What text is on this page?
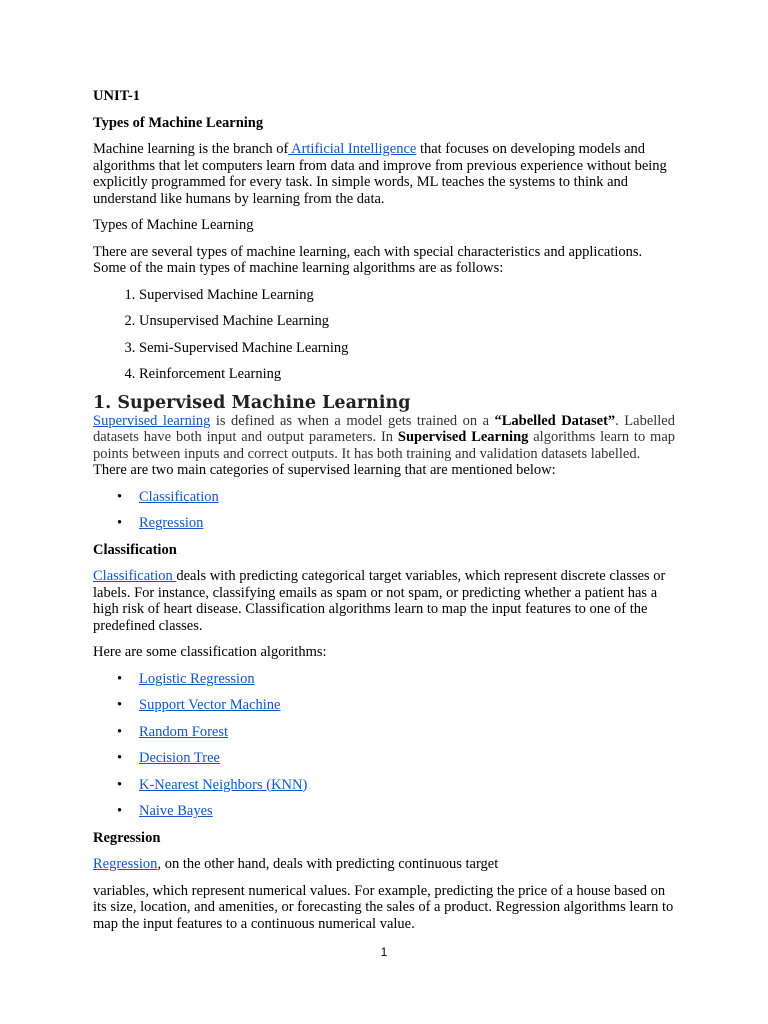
UNIT-1

Types of Machine Learning

Machine learning is the branch of Artificial Intelligence that focuses on developing models and algorithms that let computers learn from data and improve from previous experience without being explicitly programmed for every task. In simple words, ML teaches the systems to think and understand like humans by learning from the data.

Types of Machine Learning

There are several types of machine learning, each with special characteristics and applications. Some of the main types of machine learning algorithms are as follows:

1. Supervised Machine Learning
2. Unsupervised Machine Learning
3. Semi-Supervised Machine Learning
4. Reinforcement Learning
1. Supervised Machine Learning

Supervised learning is defined as when a model gets trained on a “Labelled Dataset”. Labelled datasets have both input and output parameters. In Supervised Learning algorithms learn to map points between inputs and correct outputs. It has both training and validation datasets labelled.

There are two main categories of supervised learning that are mentioned below:

• Classification
• Regression

Classification

Classification deals with predicting categorical target variables, which represent discrete classes or labels. For instance, classifying emails as spam or not spam, or predicting whether a patient has a high risk of heart disease. Classification algorithms learn to map the input features to one of the predefined classes.

Here are some classification algorithms:

• Logistic Regression
• Support Vector Machine
• Random Forest
• Decision Tree
• K-Nearest Neighbors (KNN)
• Naive Bayes

Regression

Regression, on the other hand, deals with predicting continuous target

variables, which represent numerical values. For example, predicting the price of a house based on its size, location, and amenities, or forecasting the sales of a product. Regression algorithms learn to map the input features to a continuous numerical value.

1
